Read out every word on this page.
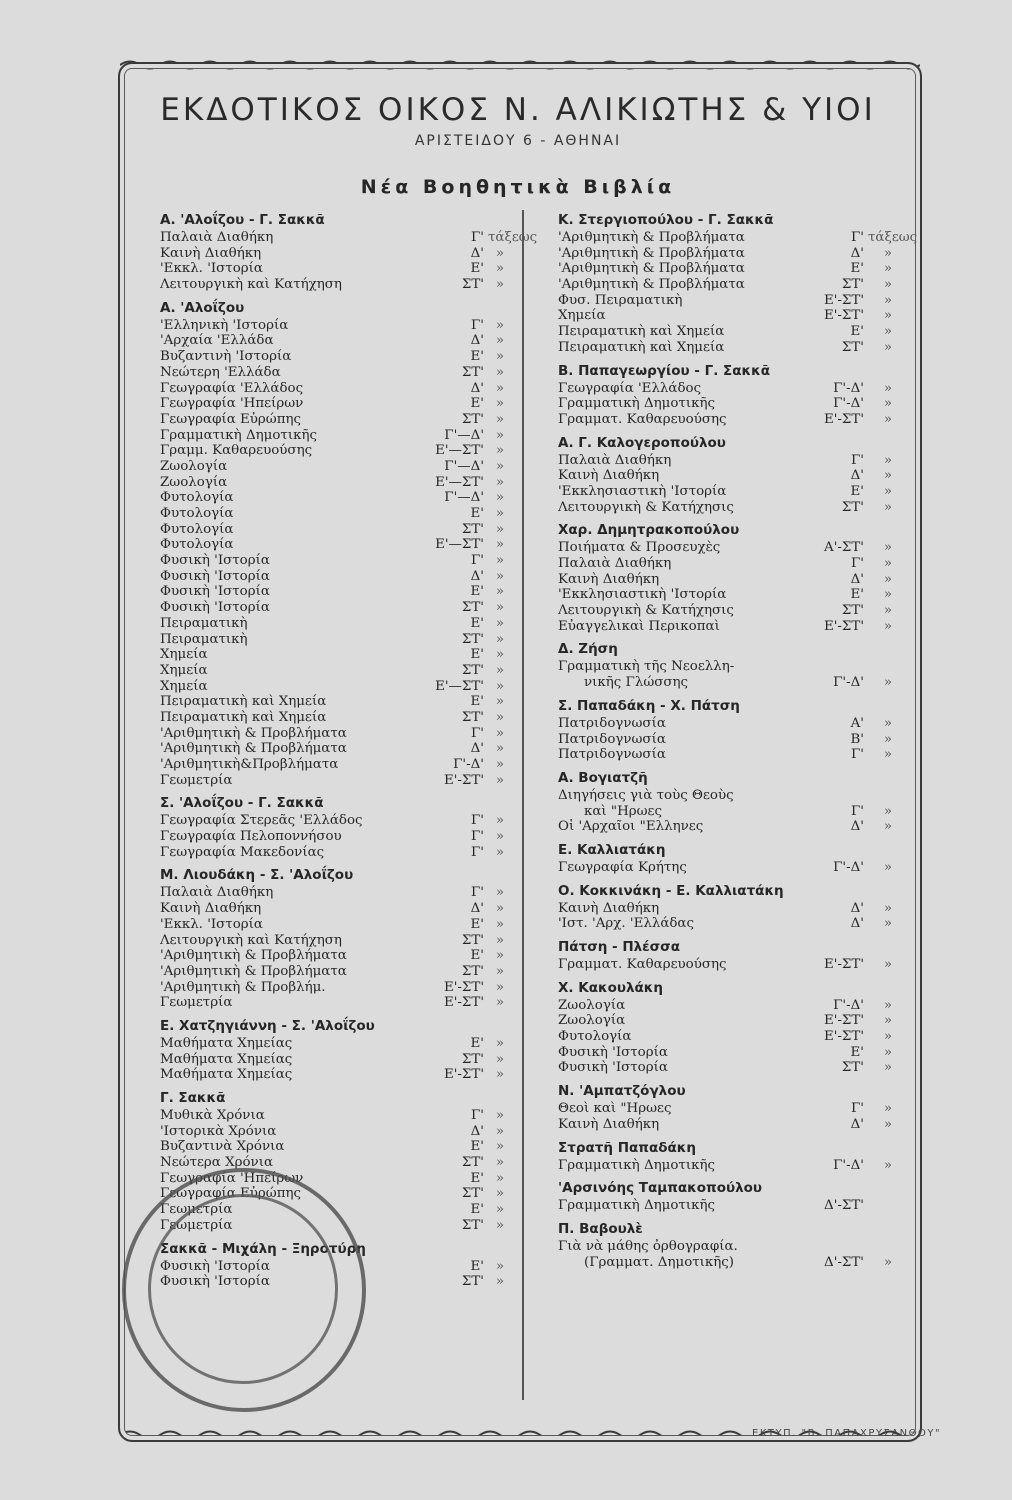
ΕΚΔΟΤΙΚΟΣ ΟΙΚΟΣ Ν. ΑΛΙΚΙΩΤΗΣ & ΥΙΟΙ
ΑΡΙΣΤΕΙΔΟΥ 6 - ΑΘΗΝΑΙ
Νέα Βοηθητικὰ Βιβλία
Α. 'Αλοΐζου - Γ. Σακκᾶ
Παλαιὰ Διαθήκη	Γ' τάξεως
Καινὴ Διαθήκη	Δ' »
'Εκκλ. 'Ιστορία	Ε' »
Λειτουργικὴ καὶ Κατήχηση	ΣΤ' »
Α. 'Αλοΐζου
'Ελληνικὴ 'Ιστορία	Γ' »
'Αρχαία 'Ελλάδα	Δ' »
Βυζαντινὴ 'Ιστορία	Ε' »
Νεώτερη 'Ελλάδα	ΣΤ' »
Γεωγραφία 'Ελλάδος	Δ' »
Γεωγραφία 'Ηπείρων	Ε' »
Γεωγραφία Εὐρώπης	ΣΤ' »
Γραμματικὴ Δημοτικῆς	Γ'—Δ' »
Γραμμ. Καθαρευούσης	Ε'—ΣΤ' »
Ζωολογία	Γ'—Δ' »
Ζωολογία	Ε'—ΣΤ' »
Φυτολογία	Γ'—Δ' »
Φυτολογία	Ε' »
Φυτολογία	ΣΤ' »
Φυτολογία	Ε'—ΣΤ' »
Φυσικὴ 'Ιστορία	Γ' »
Φυσικὴ 'Ιστορία	Δ' »
Φυσικὴ 'Ιστορία	Ε' »
Φυσικὴ 'Ιστορία	ΣΤ' »
Πειραματικὴ	Ε' »
Πειραματικὴ	ΣΤ' »
Χημεία	Ε' »
Χημεία	ΣΤ' »
Χημεία	Ε'—ΣΤ' »
Πειραματικὴ καὶ Χημεία	Ε' »
Πειραματικὴ καὶ Χημεία	ΣΤ' »
'Αριθμητικὴ & Προβλήματα	Γ' »
'Αριθμητικὴ & Προβλήματα	Δ' »
'Αριθμητικὴ&Προβλήματα	Γ'-Δ' »
Γεωμετρία	Ε'-ΣΤ' »
Σ. 'Αλοΐζου - Γ. Σακκᾶ
Γεωγραφία Στερεᾶς 'Ελλάδος	Γ' »
Γεωγραφία Πελοποννήσου	Γ' »
Γεωγραφία Μακεδονίας	Γ' »
Μ. Λιουδάκη - Σ. 'Αλοΐζου
Παλαιὰ Διαθήκη	Γ' »
Καινὴ Διαθήκη	Δ' »
'Εκκλ. 'Ιστορία	Ε' »
Λειτουργικὴ καὶ Κατήχηση	ΣΤ' »
'Αριθμητικὴ & Προβλήματα	Ε' »
'Αριθμητικὴ & Προβλήματα	ΣΤ' »
'Αριθμητικὴ & Προβλήμ.	Ε'-ΣΤ' »
Γεωμετρία	Ε'-ΣΤ' »
Ε. Χατζηγιάννη - Σ. 'Αλοΐζου
Μαθήματα Χημείας	Ε' »
Μαθήματα Χημείας	ΣΤ' »
Μαθήματα Χημείας	Ε'-ΣΤ' »
Γ. Σακκᾶ
Μυθικὰ Χρόνια	Γ' »
'Ιστορικὰ Χρόνια	Δ' »
Βυζαντινὰ Χρόνια	Ε' »
Νεώτερα Χρόνια	ΣΤ' »
Γεωγραφία 'Ηπείρων	Ε' »
Γεωγραφία Εὐρώπης	ΣΤ' »
Γεωμετρία	Ε' »
Γεωμετρία	ΣΤ' »
Σακκᾶ - Μιχάλη - Ξηροτύρη
Φυσικὴ 'Ιστορία	Ε' »
Φυσικὴ 'Ιστορία	ΣΤ' »
Κ. Στεργιοπούλου - Γ. Σακκᾶ
'Αριθμητικὴ & Προβλήματα	Γ' τάξεως
'Αριθμητικὴ & Προβλήματα	Δ'	»
'Αριθμητικὴ & Προβλήματα	Ε'	»
'Αριθμητικὴ & Προβλήματα	ΣΤ'	»
Φυσ. Πειραματικὴ	Ε'-ΣΤ'	»
Χημεία	Ε'-ΣΤ'	»
Πειραματικὴ καὶ Χημεία	Ε'	»
Πειραματικὴ καὶ Χημεία	ΣΤ'	»
Β. Παπαγεωργίου - Γ. Σακκᾶ
Γεωγραφία 'Ελλάδος	Γ'-Δ'	»
Γραμματικὴ Δημοτικῆς	Γ'-Δ'	»
Γραμματ. Καθαρευούσης	Ε'-ΣΤ'	»
Α. Γ. Καλογεροπούλου
Παλαιὰ Διαθήκη	Γ'	»
Καινὴ Διαθήκη	Δ'	»
'Εκκλησιαστικὴ 'Ιστορία	Ε'	»
Λειτουργικὴ & Κατήχησις	ΣΤ'	»
Χαρ. Δημητρακοπούλου
Ποιήματα & Προσευχὲς	Α'-ΣΤ'	»
Παλαιὰ Διαθήκη	Γ'	»
Καινὴ Διαθήκη	Δ'	»
'Εκκλησιαστικὴ 'Ιστορία	Ε'	»
Λειτουργικὴ & Κατήχησις	ΣΤ'	»
Εὐαγγελικαὶ Περικοπαὶ	Ε'-ΣΤ'	»
Δ. Ζήση
Γραμματικὴ τῆς Νεοελλη-
νικῆς Γλώσσης	Γ'-Δ'	»
Σ. Παπαδάκη - Χ. Πάτση
Πατριδογνωσία	Α'	»
Πατριδογνωσία	Β'	»
Πατριδογνωσία	Γ'	»
Α. Βογιατζῆ
Διηγήσεις γιὰ τοὺς Θεοὺς
καὶ "Ηρωες	Γ'	»
Οἱ 'Αρχαῖοι "Ελληνες	Δ'	»
Ε. Καλλιατάκη
Γεωγραφία Κρήτης	Γ'-Δ'	»
Ο. Κοκκινάκη - Ε. Καλλιατάκη
Καινὴ Διαθήκη	Δ'	»
'Ιστ. 'Αρχ. 'Ελλάδας	Δ'	»
Πάτση - Πλέσσα
Γραμματ. Καθαρευούσης	Ε'-ΣΤ'	»
Χ. Κακουλάκη
Ζωολογία	Γ'-Δ'	»
Ζωολογία	Ε'-ΣΤ'	»
Φυτολογία	Ε'-ΣΤ'	»
Φυσικὴ 'Ιστορία	Ε'	»
Φυσικὴ 'Ιστορία	ΣΤ'	»
Ν. 'Αμπατζόγλου
Θεοὶ καὶ "Ηρωες	Γ'	»
Καινὴ Διαθήκη	Δ'	»
Στρατῆ Παπαδάκη
Γραμματικὴ Δημοτικῆς	Γ'-Δ'	»
'Αρσινόης Ταμπακοπούλου
Γραμματικὴ Δημοτικῆς	Δ'-ΣΤ'
Π. Βαβουλὲ
Γιὰ νὰ μάθης ὀρθογραφία.
(Γραμματ. Δημοτικῆς)	Δ'-ΣΤ'	»
ΕΚΤΥΠ. "Β. ΠΑΠΑΧΡΥΣΑΝΘΟΥ"
